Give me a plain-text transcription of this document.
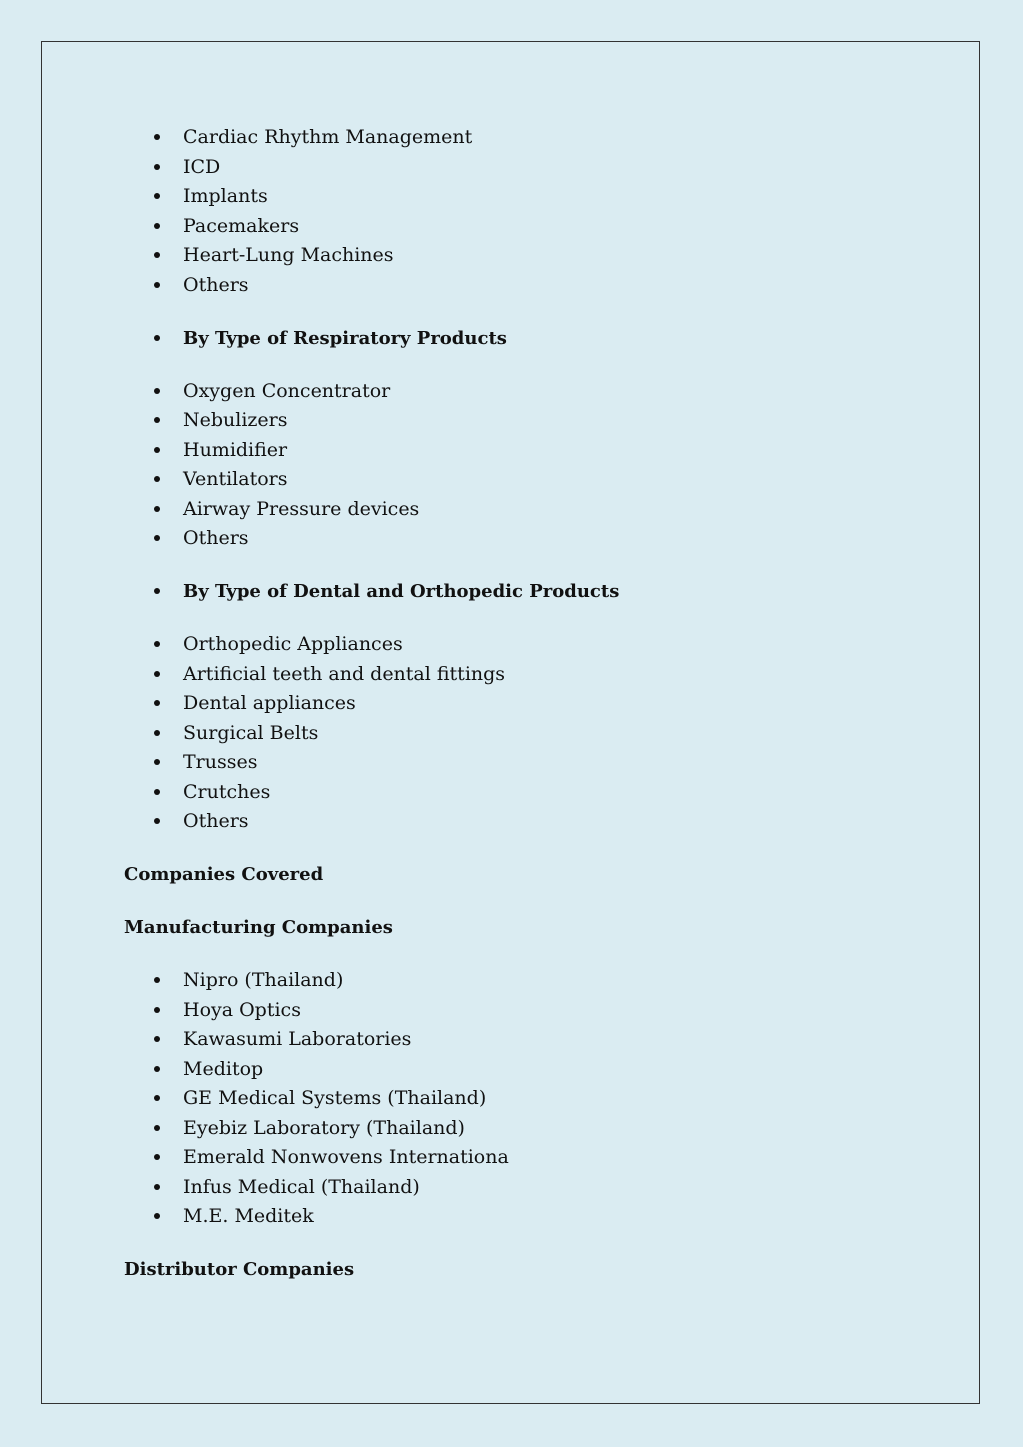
Cardiac Rhythm Management
ICD
Implants
Pacemakers
Heart-Lung Machines
Others
By Type of Respiratory Products
Oxygen Concentrator
Nebulizers
Humidifier
Ventilators
Airway Pressure devices
Others
By Type of Dental and Orthopedic Products
Orthopedic Appliances
Artificial teeth and dental fittings
Dental appliances
Surgical Belts
Trusses
Crutches
Others
Companies Covered
Manufacturing Companies
Nipro (Thailand)
Hoya Optics
Kawasumi Laboratories
Meditop
GE Medical Systems (Thailand)
Eyebiz Laboratory (Thailand)
Emerald Nonwovens Internationa
Infus Medical (Thailand)
M.E. Meditek
Distributor Companies
